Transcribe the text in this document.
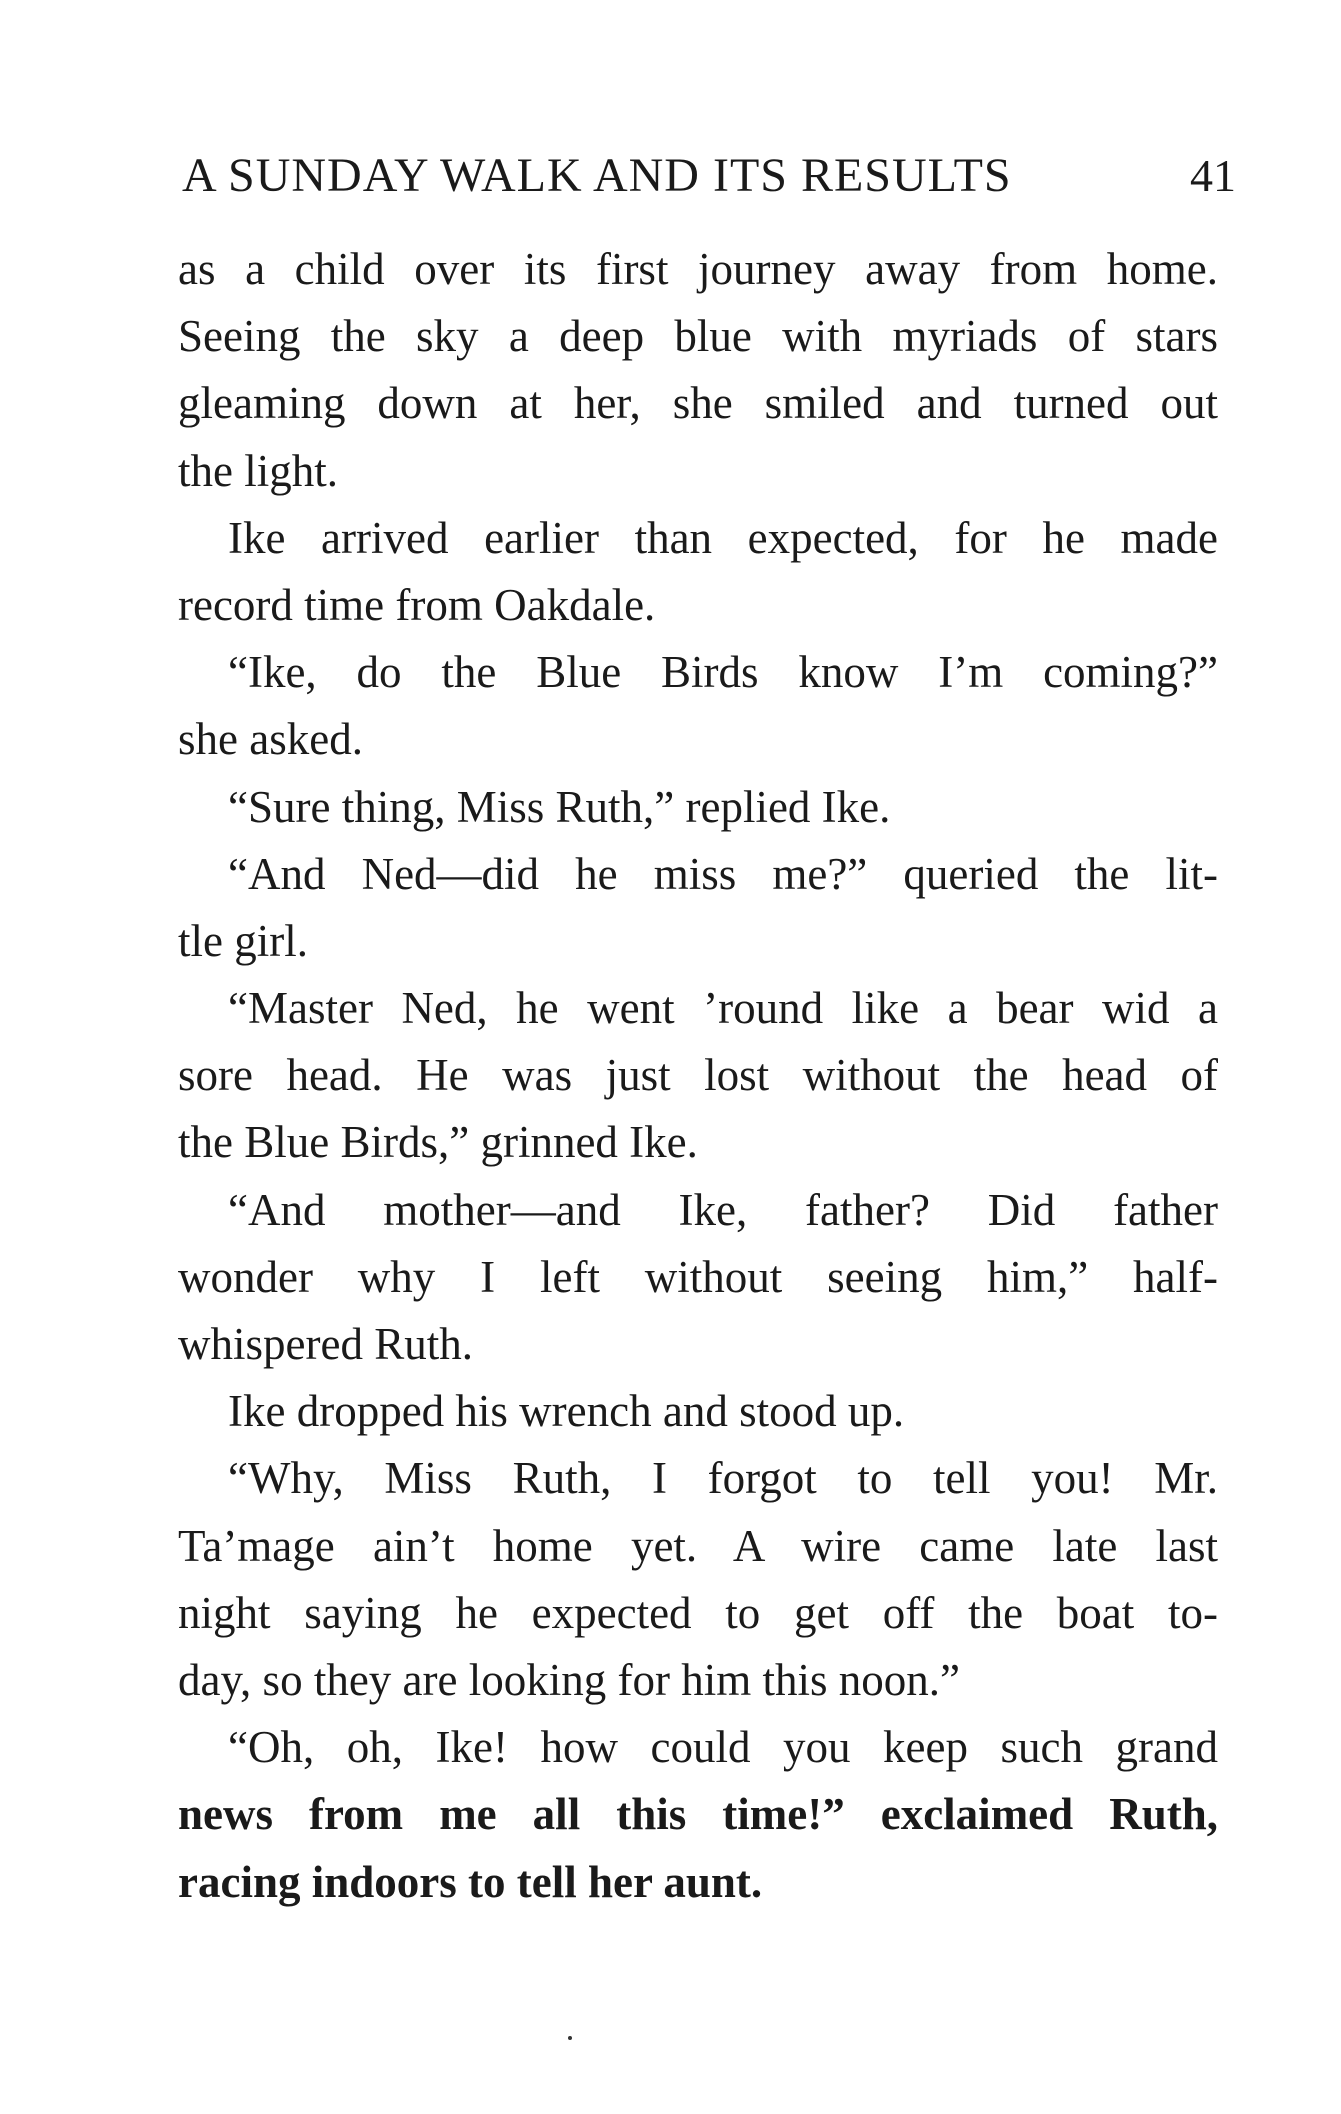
A SUNDAY WALK AND ITS RESULTS	41
as a child over its first journey away from home.
Seeing the sky a deep blue with myriads of stars
gleaming down at her, she smiled and turned out
the light.
Ike arrived earlier than expected, for he made
record time from Oakdale.
“Ike, do the Blue Birds know I’m coming?”
she asked.
“Sure thing, Miss Ruth,” replied Ike.
“And Ned—did he miss me?” queried the lit-
tle girl.
“Master Ned, he went ’round like a bear wid a
sore head. He was just lost without the head of
the Blue Birds,” grinned Ike.
“And mother—and Ike, father? Did father
wonder why I left without seeing him,” half-
whispered Ruth.
Ike dropped his wrench and stood up.
“Why, Miss Ruth, I forgot to tell you! Mr.
Ta’mage ain’t home yet. A wire came late last
night saying he expected to get off the boat to-
day, so they are looking for him this noon.”
“Oh, oh, Ike! how could you keep such grand
news from me all this time!” exclaimed Ruth,
racing indoors to tell her aunt.
